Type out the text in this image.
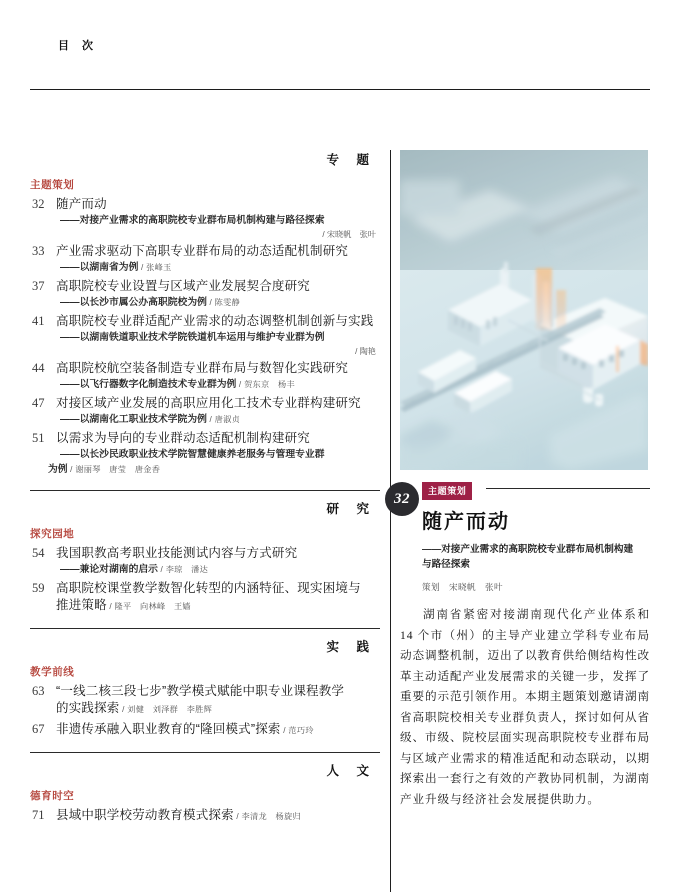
目 次
专 题
主题策划
32 随产而动
——对接产业需求的高职院校专业群布局机制构建与路径探索
/ 宋晓帆　张叶
33 产业需求驱动下高职专业群布局的动态适配机制研究
——以湖南省为例 / 张峰玉
37 高职院校专业设置与区域产业发展契合度研究
——以长沙市属公办高职院校为例 / 陈雯静
41 高职院校专业群适配产业需求的动态调整机制创新与实践
——以湖南铁道职业技术学院铁道机车运用与维护专业群为例
/ 陶艳
44 高职院校航空装备制造专业群布局与数智化实践研究
——以飞行器数字化制造技术专业群为例 / 贺东京　杨丰
47 对接区域产业发展的高职应用化工技术专业群构建研究
——以湖南化工职业技术学院为例 / 唐淑贞
51 以需求为导向的专业群动态适配机制构建研究
——以长沙民政职业技术学院智慧健康养老服务与管理专业群
为例 / 谢丽琴　唐莹　唐金香
研 究
探究园地
54 我国职教高考职业技能测试内容与方式研究
——兼论对湖南的启示 / 李琼　潘达
59 高职院校课堂教学数智化转型的内涵特征、现实困境与
推进策略 / 隆平　向林峰　王嫱
实 践
教学前线
63 “一线二核三段七步”教学模式赋能中职专业课程教学
的实践探索 / 刘健　刘泽群　李胜辉
67 非遗传承融入职业教育的“隆回模式”探索 / 范巧玲
人 文
德育时空
71 县域中职学校劳动教育模式探索 / 李清龙　杨旋归
32	主题策划
随产而动
——对接产业需求的高职院校专业群布局机制构建
与路径探索
策划　宋晓帆　张叶
湖南省紧密对接湖南现代化产业体系和 14 个市（州）的主导产业建立学科专业布局动态调整机制，迈出了以教育供给侧结构性改革主动适配产业发展需求的关键一步，发挥了重要的示范引领作用。本期主题策划邀请湖南省高职院校相关专业群负责人，探讨如何从省级、市级、院校层面实现高职院校专业群布局与区域产业需求的精准适配和动态联动，以期探索出一套行之有效的产教协同机制，为湖南产业升级与经济社会发展提供助力。
